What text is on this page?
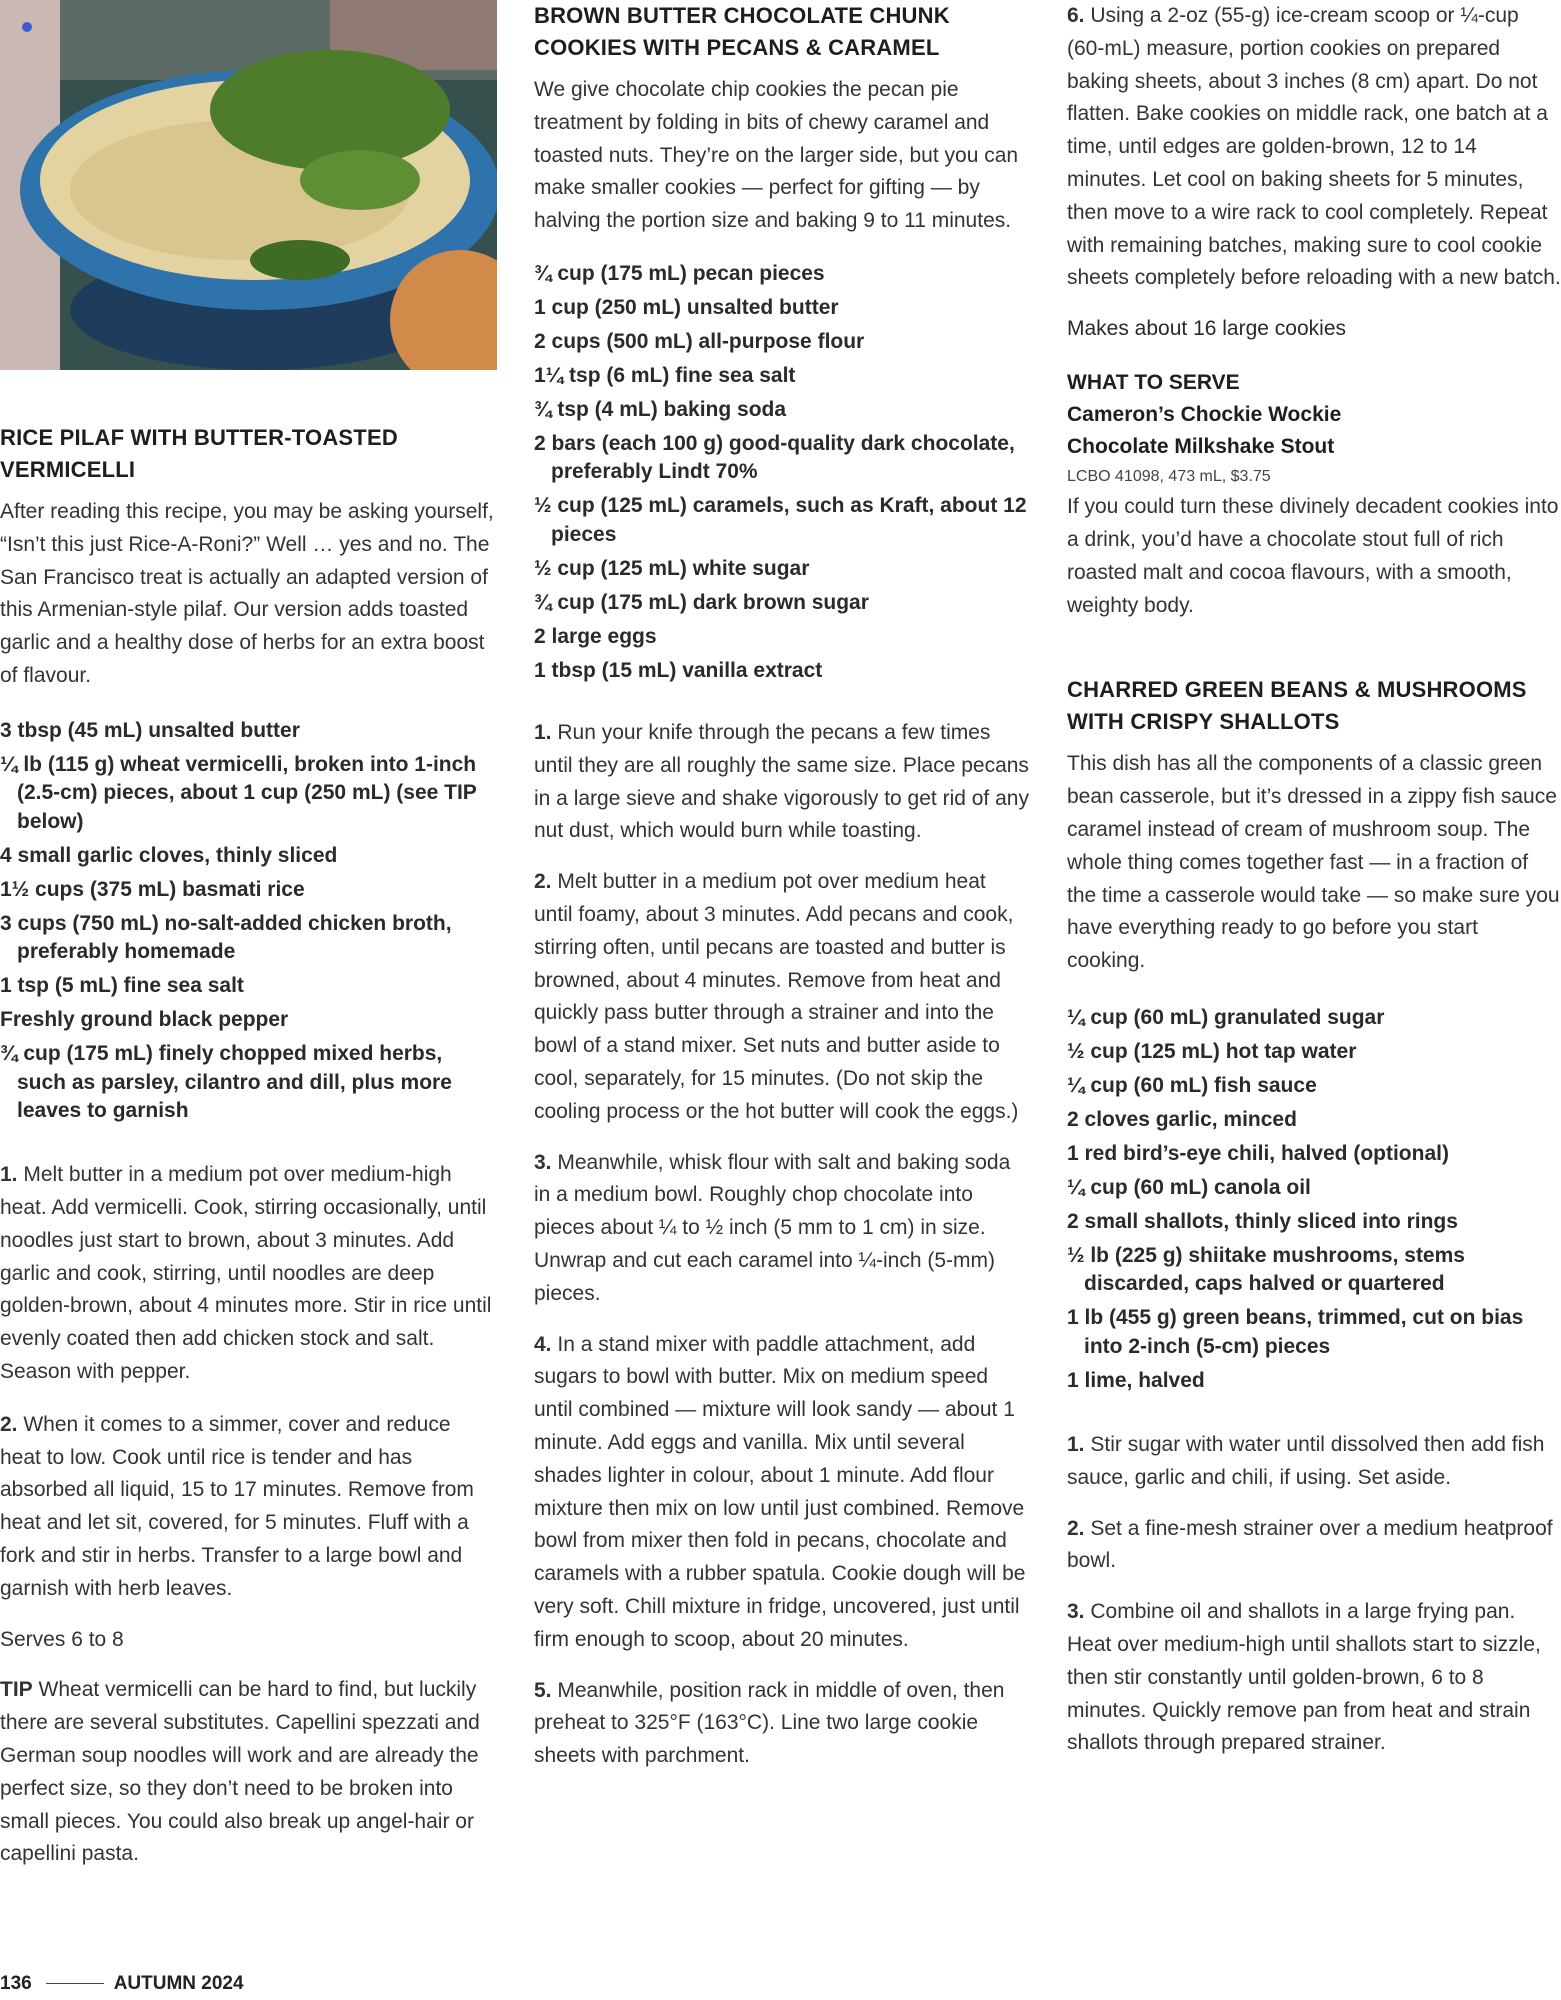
RICE PILAF WITH BUTTER-TOASTED
VERMICELLI

After reading this recipe, you may be asking yourself, “Isn’t this just Rice-A-Roni?” Well … yes and no. The San Francisco treat is actually an adapted version of this Armenian-style pilaf. Our version adds toasted garlic and a healthy dose of herbs for an extra boost of flavour.

3 tbsp (45 mL) unsalted butter
¼ lb (115 g) wheat vermicelli, broken into 1-inch (2.5-cm) pieces, about 1 cup (250 mL) (see TIP below)
4 small garlic cloves, thinly sliced
1½ cups (375 mL) basmati rice
3 cups (750 mL) no-salt-added chicken broth, preferably homemade
1 tsp (5 mL) fine sea salt
Freshly ground black pepper
¾ cup (175 mL) finely chopped mixed herbs, such as parsley, cilantro and dill, plus more leaves to garnish

1. Melt butter in a medium pot over medium-high heat. Add vermicelli. Cook, stirring occasionally, until noodles just start to brown, about 3 minutes. Add garlic and cook, stirring, until noodles are deep golden-brown, about 4 minutes more. Stir in rice until evenly coated then add chicken stock and salt. Season with pepper.

2. When it comes to a simmer, cover and reduce heat to low. Cook until rice is tender and has absorbed all liquid, 15 to 17 minutes. Remove from heat and let sit, covered, for 5 minutes. Fluff with a fork and stir in herbs. Transfer to a large bowl and garnish with herb leaves.

Serves 6 to 8

TIP Wheat vermicelli can be hard to find, but luckily there are several substitutes. Capellini spezzati and German soup noodles will work and are already the perfect size, so they don’t need to be broken into small pieces. You could also break up angel-hair or capellini pasta.

BROWN BUTTER CHOCOLATE CHUNK
COOKIES WITH PECANS & CARAMEL

We give chocolate chip cookies the pecan pie treatment by folding in bits of chewy caramel and toasted nuts. They’re on the larger side, but you can make smaller cookies — perfect for gifting — by halving the portion size and baking 9 to 11 minutes.

¾ cup (175 mL) pecan pieces
1 cup (250 mL) unsalted butter
2 cups (500 mL) all-purpose flour
1¼ tsp (6 mL) fine sea salt
¾ tsp (4 mL) baking soda
2 bars (each 100 g) good-quality dark chocolate, preferably Lindt 70%
½ cup (125 mL) caramels, such as Kraft, about 12 pieces
½ cup (125 mL) white sugar
¾ cup (175 mL) dark brown sugar
2 large eggs
1 tbsp (15 mL) vanilla extract

1. Run your knife through the pecans a few times until they are all roughly the same size. Place pecans in a large sieve and shake vigorously to get rid of any nut dust, which would burn while toasting.

2. Melt butter in a medium pot over medium heat until foamy, about 3 minutes. Add pecans and cook, stirring often, until pecans are toasted and butter is browned, about 4 minutes. Remove from heat and quickly pass butter through a strainer and into the bowl of a stand mixer. Set nuts and butter aside to cool, separately, for 15 minutes. (Do not skip the cooling process or the hot butter will cook the eggs.)

3. Meanwhile, whisk flour with salt and baking soda in a medium bowl. Roughly chop chocolate into pieces about ¼ to ½ inch (5 mm to 1 cm) in size. Unwrap and cut each caramel into ¼-inch (5-mm) pieces.

4. In a stand mixer with paddle attachment, add sugars to bowl with butter. Mix on medium speed until combined — mixture will look sandy — about 1 minute. Add eggs and vanilla. Mix until several shades lighter in colour, about 1 minute. Add flour mixture then mix on low until just combined. Remove bowl from mixer then fold in pecans, chocolate and caramels with a rubber spatula. Cookie dough will be very soft. Chill mixture in fridge, uncovered, just until firm enough to scoop, about 20 minutes.

5. Meanwhile, position rack in middle of oven, then preheat to 325°F (163°C). Line two large cookie sheets with parchment.

6. Using a 2-oz (55-g) ice-cream scoop or ¼-cup (60-mL) measure, portion cookies on prepared baking sheets, about 3 inches (8 cm) apart. Do not flatten. Bake cookies on middle rack, one batch at a time, until edges are golden-brown, 12 to 14 minutes. Let cool on baking sheets for 5 minutes, then move to a wire rack to cool completely. Repeat with remaining batches, making sure to cool cookie sheets completely before reloading with a new batch.

Makes about 16 large cookies

WHAT TO SERVE

Cameron’s Chockie Wockie
Chocolate Milkshake Stout

LCBO 41098, 473 mL, $3.75

If you could turn these divinely decadent cookies into a drink, you’d have a chocolate stout full of rich roasted malt and cocoa flavours, with a smooth, weighty body.

CHARRED GREEN BEANS & MUSHROOMS
WITH CRISPY SHALLOTS

This dish has all the components of a classic green bean casserole, but it’s dressed in a zippy fish sauce caramel instead of cream of mushroom soup. The whole thing comes together fast — in a fraction of the time a casserole would take — so make sure you have everything ready to go before you start cooking.

¼ cup (60 mL) granulated sugar
½ cup (125 mL) hot tap water
¼ cup (60 mL) fish sauce
2 cloves garlic, minced
1 red bird’s-eye chili, halved (optional)
¼ cup (60 mL) canola oil
2 small shallots, thinly sliced into rings
½ lb (225 g) shiitake mushrooms, stems discarded, caps halved or quartered
1 lb (455 g) green beans, trimmed, cut on bias into 2-inch (5-cm) pieces
1 lime, halved

1. Stir sugar with water until dissolved then add fish sauce, garlic and chili, if using. Set aside.

2. Set a fine-mesh strainer over a medium heatproof bowl.

3. Combine oil and shallots in a large frying pan. Heat over medium-high until shallots start to sizzle, then stir constantly until golden-brown, 6 to 8 minutes. Quickly remove pan from heat and strain shallots through prepared strainer.

136	AUTUMN 2024
